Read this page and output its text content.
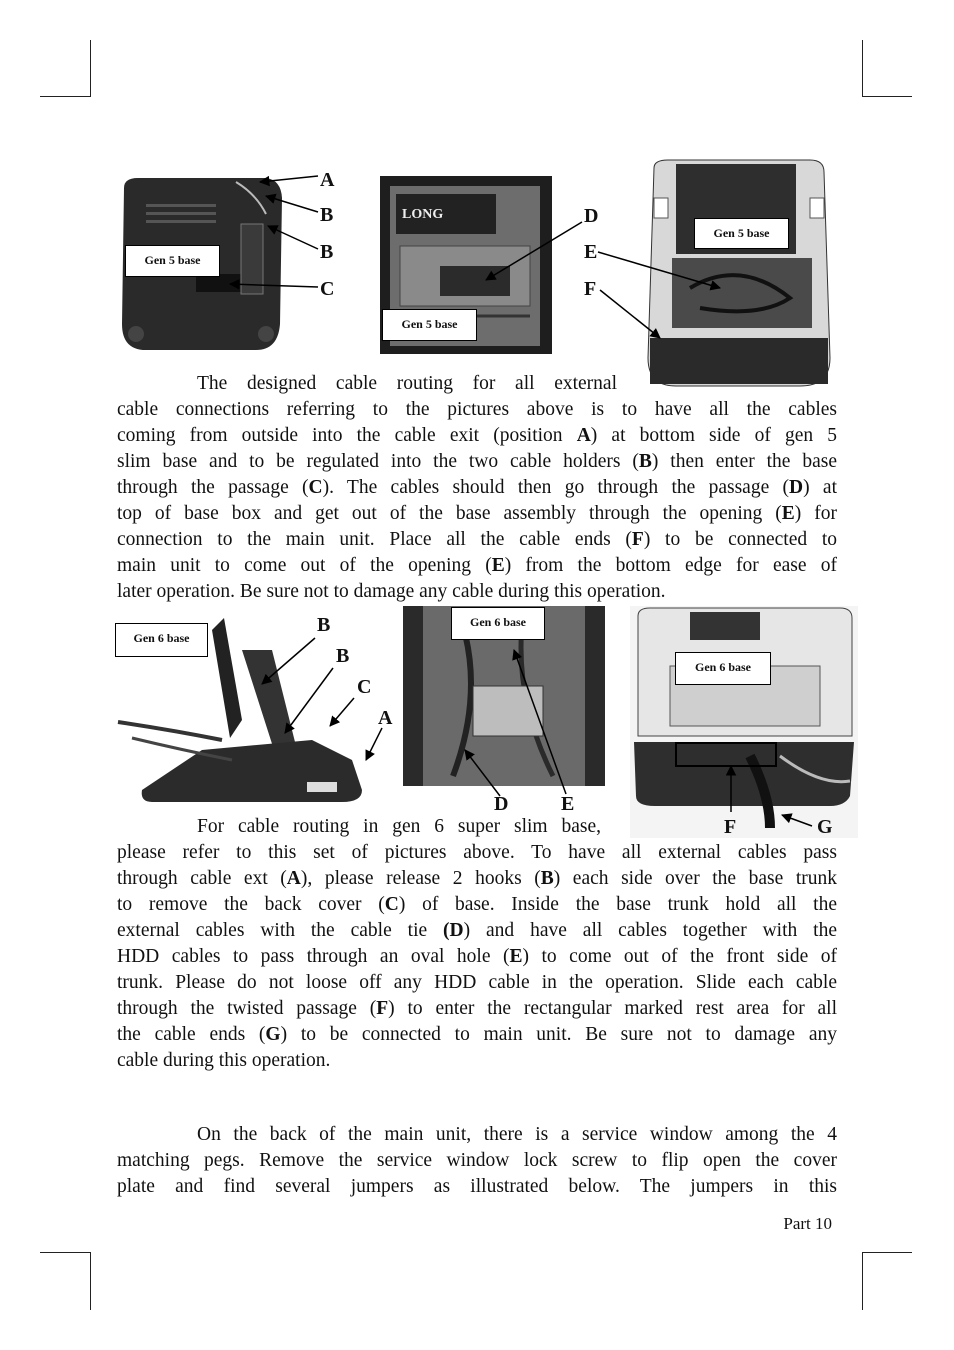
LONG
Gen 5 base
Gen 5 base
Gen 5 base
A
B
B
C
D
E
F
Gen 6 base
Gen 6 base
Gen 6 base
B
B
C
A
D	E
F	G
The designed cable routing for all external
cable connections referring to the pictures above is to have all the cables
coming from outside into the cable exit (position A) at bottom side of gen 5
slim base and to be regulated into the two cable holders (B) then enter the base
through the passage (C). The cables should then go through the passage (D) at
top of base box and get out of the base assembly through the opening (E) for
connection to the main unit. Place all the cable ends (F) to be connected to
main unit to come out of the opening (E) from the bottom edge for ease of
later operation. Be sure not to damage any cable during this operation.
For cable routing in gen 6 super slim base,
please refer to this set of pictures above. To have all external cables pass
through cable ext (A), please release 2 hooks (B) each side over the base trunk
to remove the back cover (C) of base. Inside the base trunk hold all the
external cables with the cable tie (D) and have all cables together with the
HDD cables to pass through an oval hole (E) to come out of the front side of
trunk. Please do not loose off any HDD cable in the operation. Slide each cable
through the twisted passage (F) to enter the rectangular marked rest area for all
the cable ends (G) to be connected to main unit. Be sure not to damage any
cable during this operation.
On the back of the main unit, there is a service window among the 4
matching pegs. Remove the service window lock screw to flip open the cover
plate and find several jumpers as illustrated below. The jumpers in this
Part 10
